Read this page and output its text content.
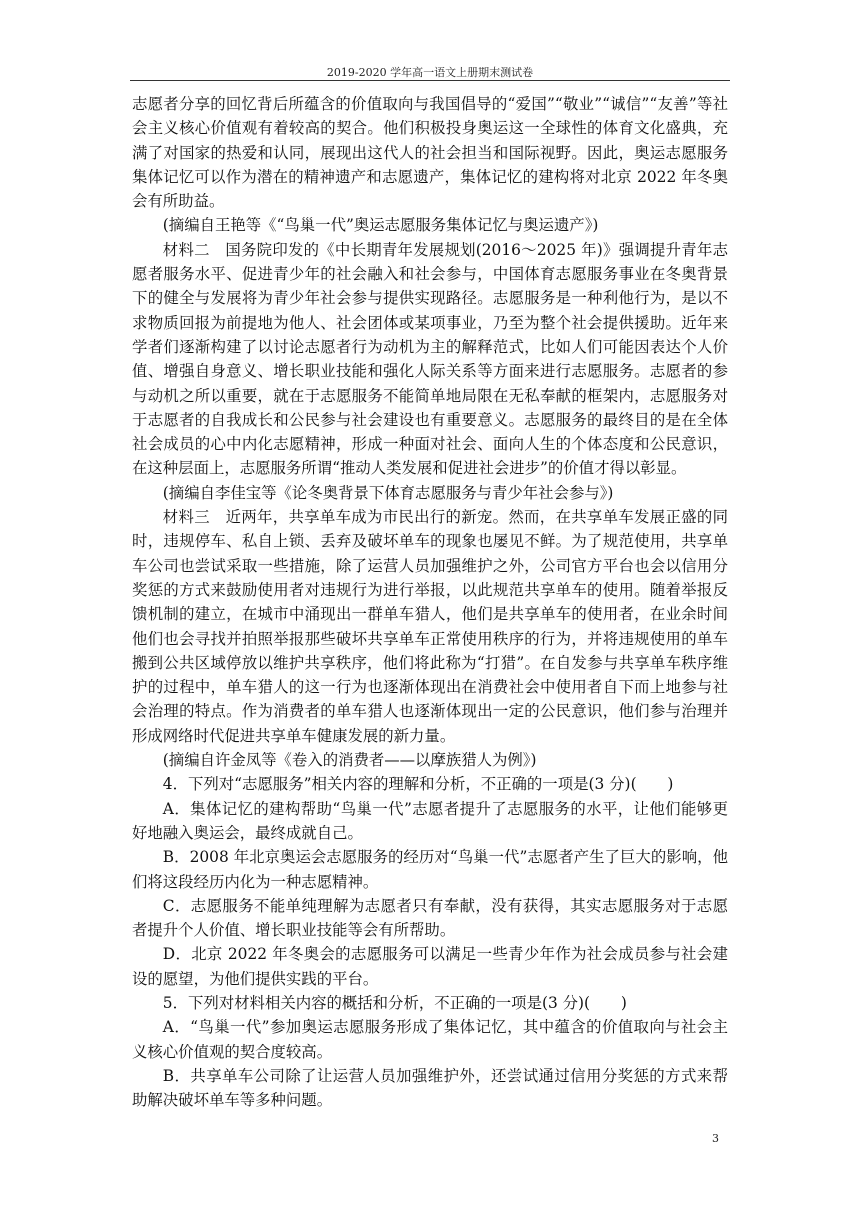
2019-2020 学年高一语文上册期末测试卷

志愿者分享的回忆背后所蕴含的价值取向与我国倡导的“爱国”“敬业”“诚信”“友善”等社会主义核心价值观有着较高的契合。他们积极投身奥运这一全球性的体育文化盛典，充满了对国家的热爱和认同，展现出这代人的社会担当和国际视野。因此，奥运志愿服务集体记忆可以作为潜在的精神遗产和志愿遗产，集体记忆的建构将对北京 2022 年冬奥会有所助益。

(摘编自王艳等《“鸟巢一代”奥运志愿服务集体记忆与奥运遗产》)

材料二　国务院印发的《中长期青年发展规划(2016～2025 年)》强调提升青年志愿者服务水平、促进青少年的社会融入和社会参与，中国体育志愿服务事业在冬奥背景下的健全与发展将为青少年社会参与提供实现路径。志愿服务是一种利他行为，是以不求物质回报为前提地为他人、社会团体或某项事业，乃至为整个社会提供援助。近年来学者们逐渐构建了以讨论志愿者行为动机为主的解释范式，比如人们可能因表达个人价值、增强自身意义、增长职业技能和强化人际关系等方面来进行志愿服务。志愿者的参与动机之所以重要，就在于志愿服务不能简单地局限在无私奉献的框架内，志愿服务对于志愿者的自我成长和公民参与社会建设也有重要意义。志愿服务的最终目的是在全体社会成员的心中内化志愿精神，形成一种面对社会、面向人生的个体态度和公民意识，在这种层面上，志愿服务所谓“推动人类发展和促进社会进步”的价值才得以彰显。

(摘编自李佳宝等《论冬奥背景下体育志愿服务与青少年社会参与》)

材料三　近两年，共享单车成为市民出行的新宠。然而，在共享单车发展正盛的同时，违规停车、私自上锁、丢弃及破坏单车的现象也屡见不鲜。为了规范使用，共享单车公司也尝试采取一些措施，除了运营人员加强维护之外，公司官方平台也会以信用分奖惩的方式来鼓励使用者对违规行为进行举报，以此规范共享单车的使用。随着举报反馈机制的建立，在城市中涌现出一群单车猎人，他们是共享单车的使用者，在业余时间他们也会寻找并拍照举报那些破坏共享单车正常使用秩序的行为，并将违规使用的单车搬到公共区域停放以维护共享秩序，他们将此称为“打猎”。在自发参与共享单车秩序维护的过程中，单车猎人的这一行为也逐渐体现出在消费社会中使用者自下而上地参与社会治理的特点。作为消费者的单车猎人也逐渐体现出一定的公民意识，他们参与治理并形成网络时代促进共享单车健康发展的新力量。

(摘编自许金凤等《卷入的消费者——以摩族猎人为例》)

4．下列对“志愿服务”相关内容的理解和分析，不正确的一项是(3 分)(　　)

A．集体记忆的建构帮助“鸟巢一代”志愿者提升了志愿服务的水平，让他们能够更好地融入奥运会，最终成就自己。

B．2008 年北京奥运会志愿服务的经历对“鸟巢一代”志愿者产生了巨大的影响，他们将这段经历内化为一种志愿精神。

C．志愿服务不能单纯理解为志愿者只有奉献，没有获得，其实志愿服务对于志愿者提升个人价值、增长职业技能等会有所帮助。

D．北京 2022 年冬奥会的志愿服务可以满足一些青少年作为社会成员参与社会建设的愿望，为他们提供实践的平台。

5．下列对材料相关内容的概括和分析，不正确的一项是(3 分)(　　)

A．“鸟巢一代”参加奥运志愿服务形成了集体记忆，其中蕴含的价值取向与社会主义核心价值观的契合度较高。

B．共享单车公司除了让运营人员加强维护外，还尝试通过信用分奖惩的方式来帮助解决破坏单车等多种问题。

3
